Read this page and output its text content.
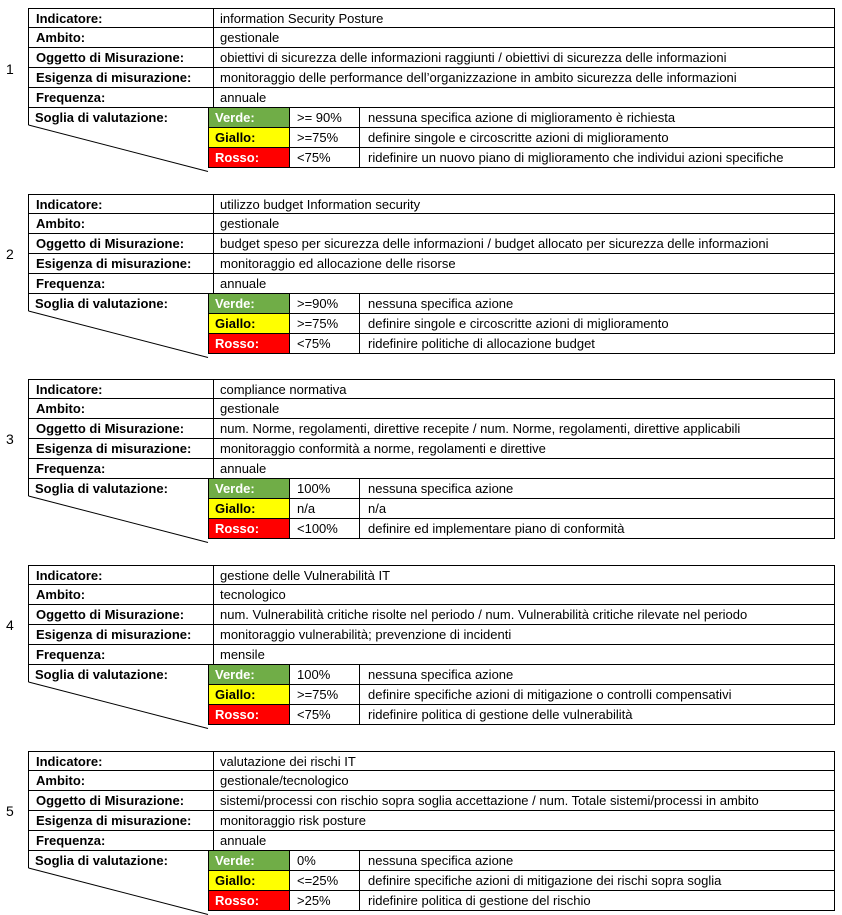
1
Indicatore:	information Security Posture
Ambito:	gestionale
Oggetto di Misurazione:	obiettivi di sicurezza delle informazioni raggiunti / obiettivi di sicurezza delle informazioni
Esigenza di misurazione: monitoraggio delle performance dell’organizzazione in ambito sicurezza delle informazioni
Frequenza:	annuale
Soglia di valutazione:	Verde:	>= 90% nessuna specifica azione di miglioramento è richiesta
Giallo:	>=75% definire singole e circoscritte azioni di miglioramento
Rosso:	<75%	ridefinire un nuovo piano di miglioramento che individui azioni specifiche
2
Indicatore:	utilizzo budget Information security
Ambito:	gestionale
Oggetto di Misurazione:	budget speso per sicurezza delle informazioni / budget allocato per sicurezza delle informazioni
Esigenza di misurazione: monitoraggio ed allocazione delle risorse
Frequenza:	annuale
Soglia di valutazione:	Verde:	>=90% nessuna specifica azione
Giallo:	>=75% definire singole e circoscritte azioni di miglioramento
Rosso:	<75%	ridefinire politiche di allocazione budget
3
Indicatore:	compliance normativa
Ambito:	gestionale
Oggetto di Misurazione:	num. Norme, regolamenti, direttive recepite / num. Norme, regolamenti, direttive applicabili
Esigenza di misurazione: monitoraggio conformità a norme, regolamenti e direttive
Frequenza:	annuale
Soglia di valutazione:	Verde:	100%	nessuna specifica azione
Giallo:	n/a	n/a
Rosso:	<100% definire ed implementare piano di conformità
4
Indicatore:	gestione delle Vulnerabilità IT
Ambito:	tecnologico
Oggetto di Misurazione:	num. Vulnerabilità critiche risolte nel periodo / num. Vulnerabilità critiche rilevate nel periodo
Esigenza di misurazione: monitoraggio vulnerabilità; prevenzione di incidenti
Frequenza:	mensile
Soglia di valutazione:	Verde:	100%	nessuna specifica azione
Giallo:	>=75% definire specifiche azioni di mitigazione o controlli compensativi
Rosso:	<75%	ridefinire politica di gestione delle vulnerabilità
5
Indicatore:	valutazione dei rischi IT
Ambito:	gestionale/tecnologico
Oggetto di Misurazione:	sistemi/processi con rischio sopra soglia accettazione / num. Totale sistemi/processi in ambito
Esigenza di misurazione: monitoraggio risk posture
Frequenza:	annuale
Soglia di valutazione:	Verde:	0%	nessuna specifica azione
Giallo:	<=25% definire specifiche azioni di mitigazione dei rischi sopra soglia
Rosso:	>25%	ridefinire politica di gestione del rischio
